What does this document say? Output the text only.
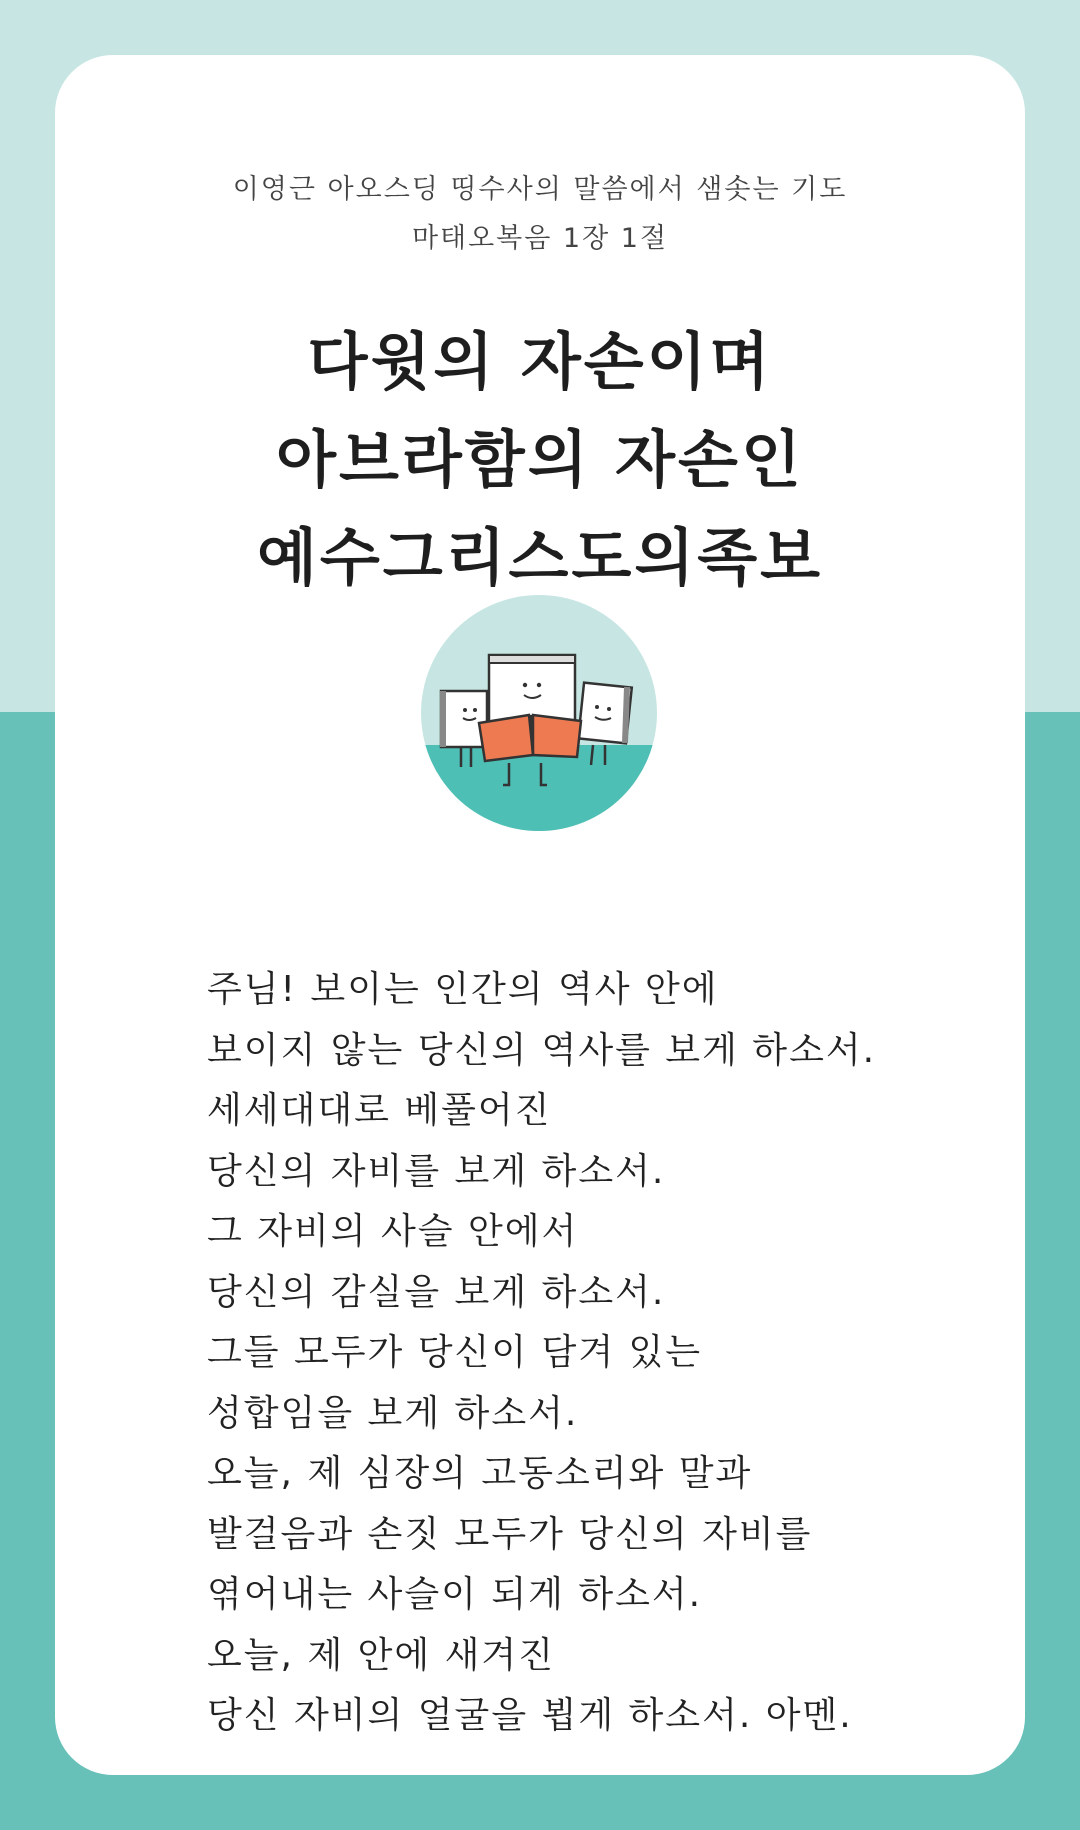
이영근 아오스딩 띵수사의 말씀에서 샘솟는 기도
마태오복음 1장 1절
다윗의 자손이며
아브라함의 자손인
예수그리스도의족보
주님! 보이는 인간의 역사 안에
보이지 않는 당신의 역사를 보게 하소서.
세세대대로 베풀어진
당신의 자비를 보게 하소서.
그 자비의 사슬 안에서
당신의 감실을 보게 하소서.
그들 모두가 당신이 담겨 있는
성합임을 보게 하소서.
오늘, 제 심장의 고동소리와 말과
발걸음과 손짓 모두가 당신의 자비를
엮어내는 사슬이 되게 하소서.
오늘, 제 안에 새겨진
당신 자비의 얼굴을 뵙게 하소서. 아멘.
